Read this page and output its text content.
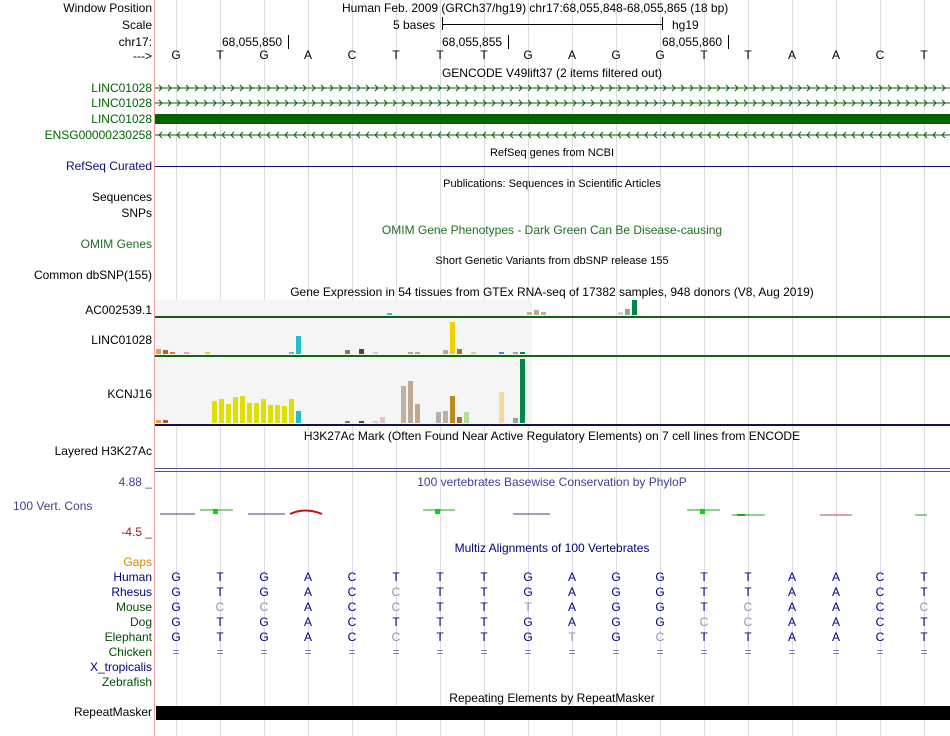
Window Position	Human Feb. 2009 (GRCh37/hg19) chr17:68,055,848-68,055,865 (18 bp)
Scale	5 bases	hg19
chr17:	68,055,850	68,055,855	68,055,860
---> G	T	G	A	C	T	T	T	G	A	G	G	T	T	A	A	C	T
GENCODE V49lift37 (2 items filtered out)
LINC01028
LINC01028
LINC01028
ENSG00000230258
RefSeq genes from NCBI
RefSeq Curated
Publications: Sequences in Scientific Articles
Sequences
SNPs
OMIM Gene Phenotypes - Dark Green Can Be Disease-causing
OMIM Genes
Short Genetic Variants from dbSNP release 155
Common dbSNP(155)
Gene Expression in 54 tissues from GTEx RNA-seq of 17382 samples, 948 donors (V8, Aug 2019)
AC002539.1
LINC01028
KCNJ16
H3K27Ac Mark (Often Found Near Active Regulatory Elements) on 7 cell lines from ENCODE
Layered H3K27Ac
100 vertebrates Basewise Conservation by PhyloP
4.88 _
100 Vert. Cons
-4.5 _
Multiz Alignments of 100 Vertebrates
Gaps
Human G	T	G	A	C	T	T	T	G	A	G	G	T	T	A	A	C	T
Rhesus G	T	G	A	C	C	T	T	G	A	G	G	T	T	A	A	C	T
Mouse G	C	C	A	C	C	T	T	T	A	G	G	T	C	A	A	C	C
Dog G	T	G	A	C	T	T	T	G	A	G	G	C	C	A	A	C	T
Elephant G	T	G	A	C	C	T	T	G	T	G	C	T	T	A	A	C	T
Chicken =	=	=	=	=	=	=	=	=	=	=	=	=	=	=	=	=	=
X_tropicalis
Zebrafish
Repeating Elements by RepeatMasker
RepeatMasker
